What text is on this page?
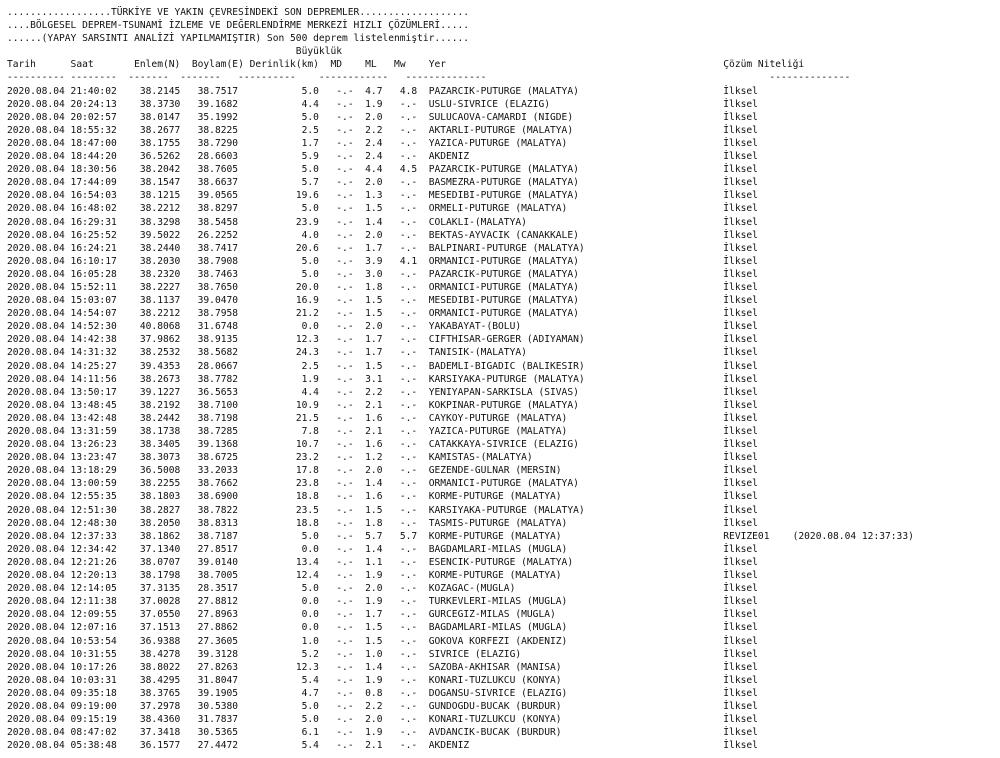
..................TÜRKİYE VE YAKIN ÇEVRESİNDEKİ SON DEPREMLER...................
....BÖLGESEL DEPREM-TSUNAMİ İZLEME VE DEĞERLENDİRME MERKEZİ HIZLI ÇÖZÜMLERİ.....
......(YAPAY SARSINTI ANALİZİ YAPILMAMIŞTIR) Son 500 deprem listelenmiştir......
Büyüklük
Tarih      Saat       Enlem(N)  Boylam(E) Derinlik(km)  MD    ML   Mw    Yer                                                Çözüm Niteliği
---------- --------  -------  -------   ----------    ------------   --------------                                                 --------------
2020.08.04 21:40:02    38.2145   38.7517           5.0   -.-  4.7   4.8  PAZARCIK-PUTURGE (MALATYA)                         İlksel
2020.08.04 20:24:13    38.3730   39.1682           4.4   -.-  1.9   -.-  USLU-SIVRICE (ELAZIG)                              İlksel
2020.08.04 20:02:57    38.0147   35.1992           5.0   -.-  2.0   -.-  SULUCAOVA-CAMARDI (NIGDE)                          İlksel
2020.08.04 18:55:32    38.2677   38.8225           2.5   -.-  2.2   -.-  AKTARLI-PUTURGE (MALATYA)                          İlksel
2020.08.04 18:47:00    38.1755   38.7290           1.7   -.-  2.4   -.-  YAZICA-PUTURGE (MALATYA)                           İlksel
2020.08.04 18:44:20    36.5262   28.6603           5.9   -.-  2.4   -.-  AKDENIZ                                            İlksel
2020.08.04 18:30:56    38.2042   38.7605           5.0   -.-  4.4   4.5  PAZARCIK-PUTURGE (MALATYA)                         İlksel
2020.08.04 17:44:09    38.1547   38.6637           5.7   -.-  2.0   -.-  BASMEZRA-PUTURGE (MALATYA)                         İlksel
2020.08.04 16:54:03    38.1215   39.0565          19.6   -.-  1.3   -.-  MESEDIBI-PUTURGE (MALATYA)                         İlksel
2020.08.04 16:48:02    38.2212   38.8297           5.0   -.-  1.5   -.-  ORMELI-PUTURGE (MALATYA)                           İlksel
2020.08.04 16:29:31    38.3298   38.5458          23.9   -.-  1.4   -.-  COLAKLI-(MALATYA)                                  İlksel
2020.08.04 16:25:52    39.5022   26.2252           4.0   -.-  2.0   -.-  BEKTAS-AYVACIK (CANAKKALE)                         İlksel
2020.08.04 16:24:21    38.2440   38.7417          20.6   -.-  1.7   -.-  BALPINARI-PUTURGE (MALATYA)                        İlksel
2020.08.04 16:10:17    38.2030   38.7908           5.0   -.-  3.9   4.1  ORMANICI-PUTURGE (MALATYA)                         İlksel
2020.08.04 16:05:28    38.2320   38.7463           5.0   -.-  3.0   -.-  PAZARCIK-PUTURGE (MALATYA)                         İlksel
2020.08.04 15:52:11    38.2227   38.7650          20.0   -.-  1.8   -.-  ORMANICI-PUTURGE (MALATYA)                         İlksel
2020.08.04 15:03:07    38.1137   39.0470          16.9   -.-  1.5   -.-  MESEDIBI-PUTURGE (MALATYA)                         İlksel
2020.08.04 14:54:07    38.2212   38.7958          21.2   -.-  1.5   -.-  ORMANICI-PUTURGE (MALATYA)                         İlksel
2020.08.04 14:52:30    40.8068   31.6748           0.0   -.-  2.0   -.-  YAKABAYAT-(BOLU)                                   İlksel
2020.08.04 14:42:38    37.9862   38.9135          12.3   -.-  1.7   -.-  CIFTHISAR-GERGER (ADIYAMAN)                        İlksel
2020.08.04 14:31:32    38.2532   38.5682          24.3   -.-  1.7   -.-  TANISIK-(MALATYA)                                  İlksel
2020.08.04 14:25:27    39.4353   28.0667           2.5   -.-  1.5   -.-  BADEMLI-BIGADIC (BALIKESIR)                        İlksel
2020.08.04 14:11:56    38.2673   38.7782           1.9   -.-  3.1   -.-  KARSIYAKA-PUTURGE (MALATYA)                        İlksel
2020.08.04 13:50:17    39.1227   36.5653           4.4   -.-  2.2   -.-  YENIYAPAN-SARKISLA (SIVAS)                         İlksel
2020.08.04 13:48:45    38.2192   38.7100          10.9   -.-  2.1   -.-  KOKPINAR-PUTURGE (MALATYA)                         İlksel
2020.08.04 13:42:48    38.2442   38.7198          21.5   -.-  1.6   -.-  CAYKOY-PUTURGE (MALATYA)                           İlksel
2020.08.04 13:31:59    38.1738   38.7285           7.8   -.-  2.1   -.-  YAZICA-PUTURGE (MALATYA)                           İlksel
2020.08.04 13:26:23    38.3405   39.1368          10.7   -.-  1.6   -.-  CATAKKAYA-SIVRICE (ELAZIG)                         İlksel
2020.08.04 13:23:47    38.3073   38.6725          23.2   -.-  1.2   -.-  KAMISTAS-(MALATYA)                                 İlksel
2020.08.04 13:18:29    36.5008   33.2033          17.8   -.-  2.0   -.-  GEZENDE-GULNAR (MERSIN)                            İlksel
2020.08.04 13:00:59    38.2255   38.7662          23.8   -.-  1.4   -.-  ORMANICI-PUTURGE (MALATYA)                         İlksel
2020.08.04 12:55:35    38.1803   38.6900          18.8   -.-  1.6   -.-  KORME-PUTURGE (MALATYA)                            İlksel
2020.08.04 12:51:30    38.2827   38.7822          23.5   -.-  1.5   -.-  KARSIYAKA-PUTURGE (MALATYA)                        İlksel
2020.08.04 12:48:30    38.2050   38.8313          18.8   -.-  1.8   -.-  TASMIS-PUTURGE (MALATYA)                           İlksel
2020.08.04 12:37:33    38.1862   38.7187           5.0   -.-  5.7   5.7  KORME-PUTURGE (MALATYA)                            REVIZE01    (2020.08.04 12:37:33)
2020.08.04 12:34:42    37.1340   27.8517           0.0   -.-  1.4   -.-  BAGDAMLARI-MILAS (MUGLA)                           İlksel
2020.08.04 12:21:26    38.0707   39.0140          13.4   -.-  1.1   -.-  ESENCIK-PUTURGE (MALATYA)                          İlksel
2020.08.04 12:20:13    38.1798   38.7005          12.4   -.-  1.9   -.-  KORME-PUTURGE (MALATYA)                            İlksel
2020.08.04 12:14:05    37.3135   28.3517           5.0   -.-  2.0   -.-  KOZAGAC-(MUGLA)                                    İlksel
2020.08.04 12:11:38    37.0028   27.8812           0.0   -.-  1.9   -.-  TURKEVLERI-MILAS (MUGLA)                           İlksel
2020.08.04 12:09:55    37.0550   27.8963           0.0   -.-  1.7   -.-  GURCEGIZ-MILAS (MUGLA)                             İlksel
2020.08.04 12:07:16    37.1513   27.8862           0.0   -.-  1.5   -.-  BAGDAMLARI-MILAS (MUGLA)                           İlksel
2020.08.04 10:53:54    36.9388   27.3605           1.0   -.-  1.5   -.-  GOKOVA KORFEZI (AKDENIZ)                           İlksel
2020.08.04 10:31:55    38.4278   39.3128           5.2   -.-  1.0   -.-  SIVRICE (ELAZIG)                                   İlksel
2020.08.04 10:17:26    38.8022   27.8263          12.3   -.-  1.4   -.-  SAZOBA-AKHISAR (MANISA)                            İlksel
2020.08.04 10:03:31    38.4295   31.8047           5.4   -.-  1.9   -.-  KONARI-TUZLUKCU (KONYA)                            İlksel
2020.08.04 09:35:18    38.3765   39.1905           4.7   -.-  0.8   -.-  DOGANSU-SIVRICE (ELAZIG)                           İlksel
2020.08.04 09:19:00    37.2978   30.5380           5.0   -.-  2.2   -.-  GUNDOGDU-BUCAK (BURDUR)                            İlksel
2020.08.04 09:15:19    38.4360   31.7837           5.0   -.-  2.0   -.-  KONARI-TUZLUKCU (KONYA)                            İlksel
2020.08.04 08:47:02    37.3418   30.5365           6.1   -.-  1.9   -.-  AVDANCIK-BUCAK (BURDUR)                            İlksel
2020.08.04 05:38:48    36.1577   27.4472           5.4   -.-  2.1   -.-  AKDENIZ                                            İlksel
